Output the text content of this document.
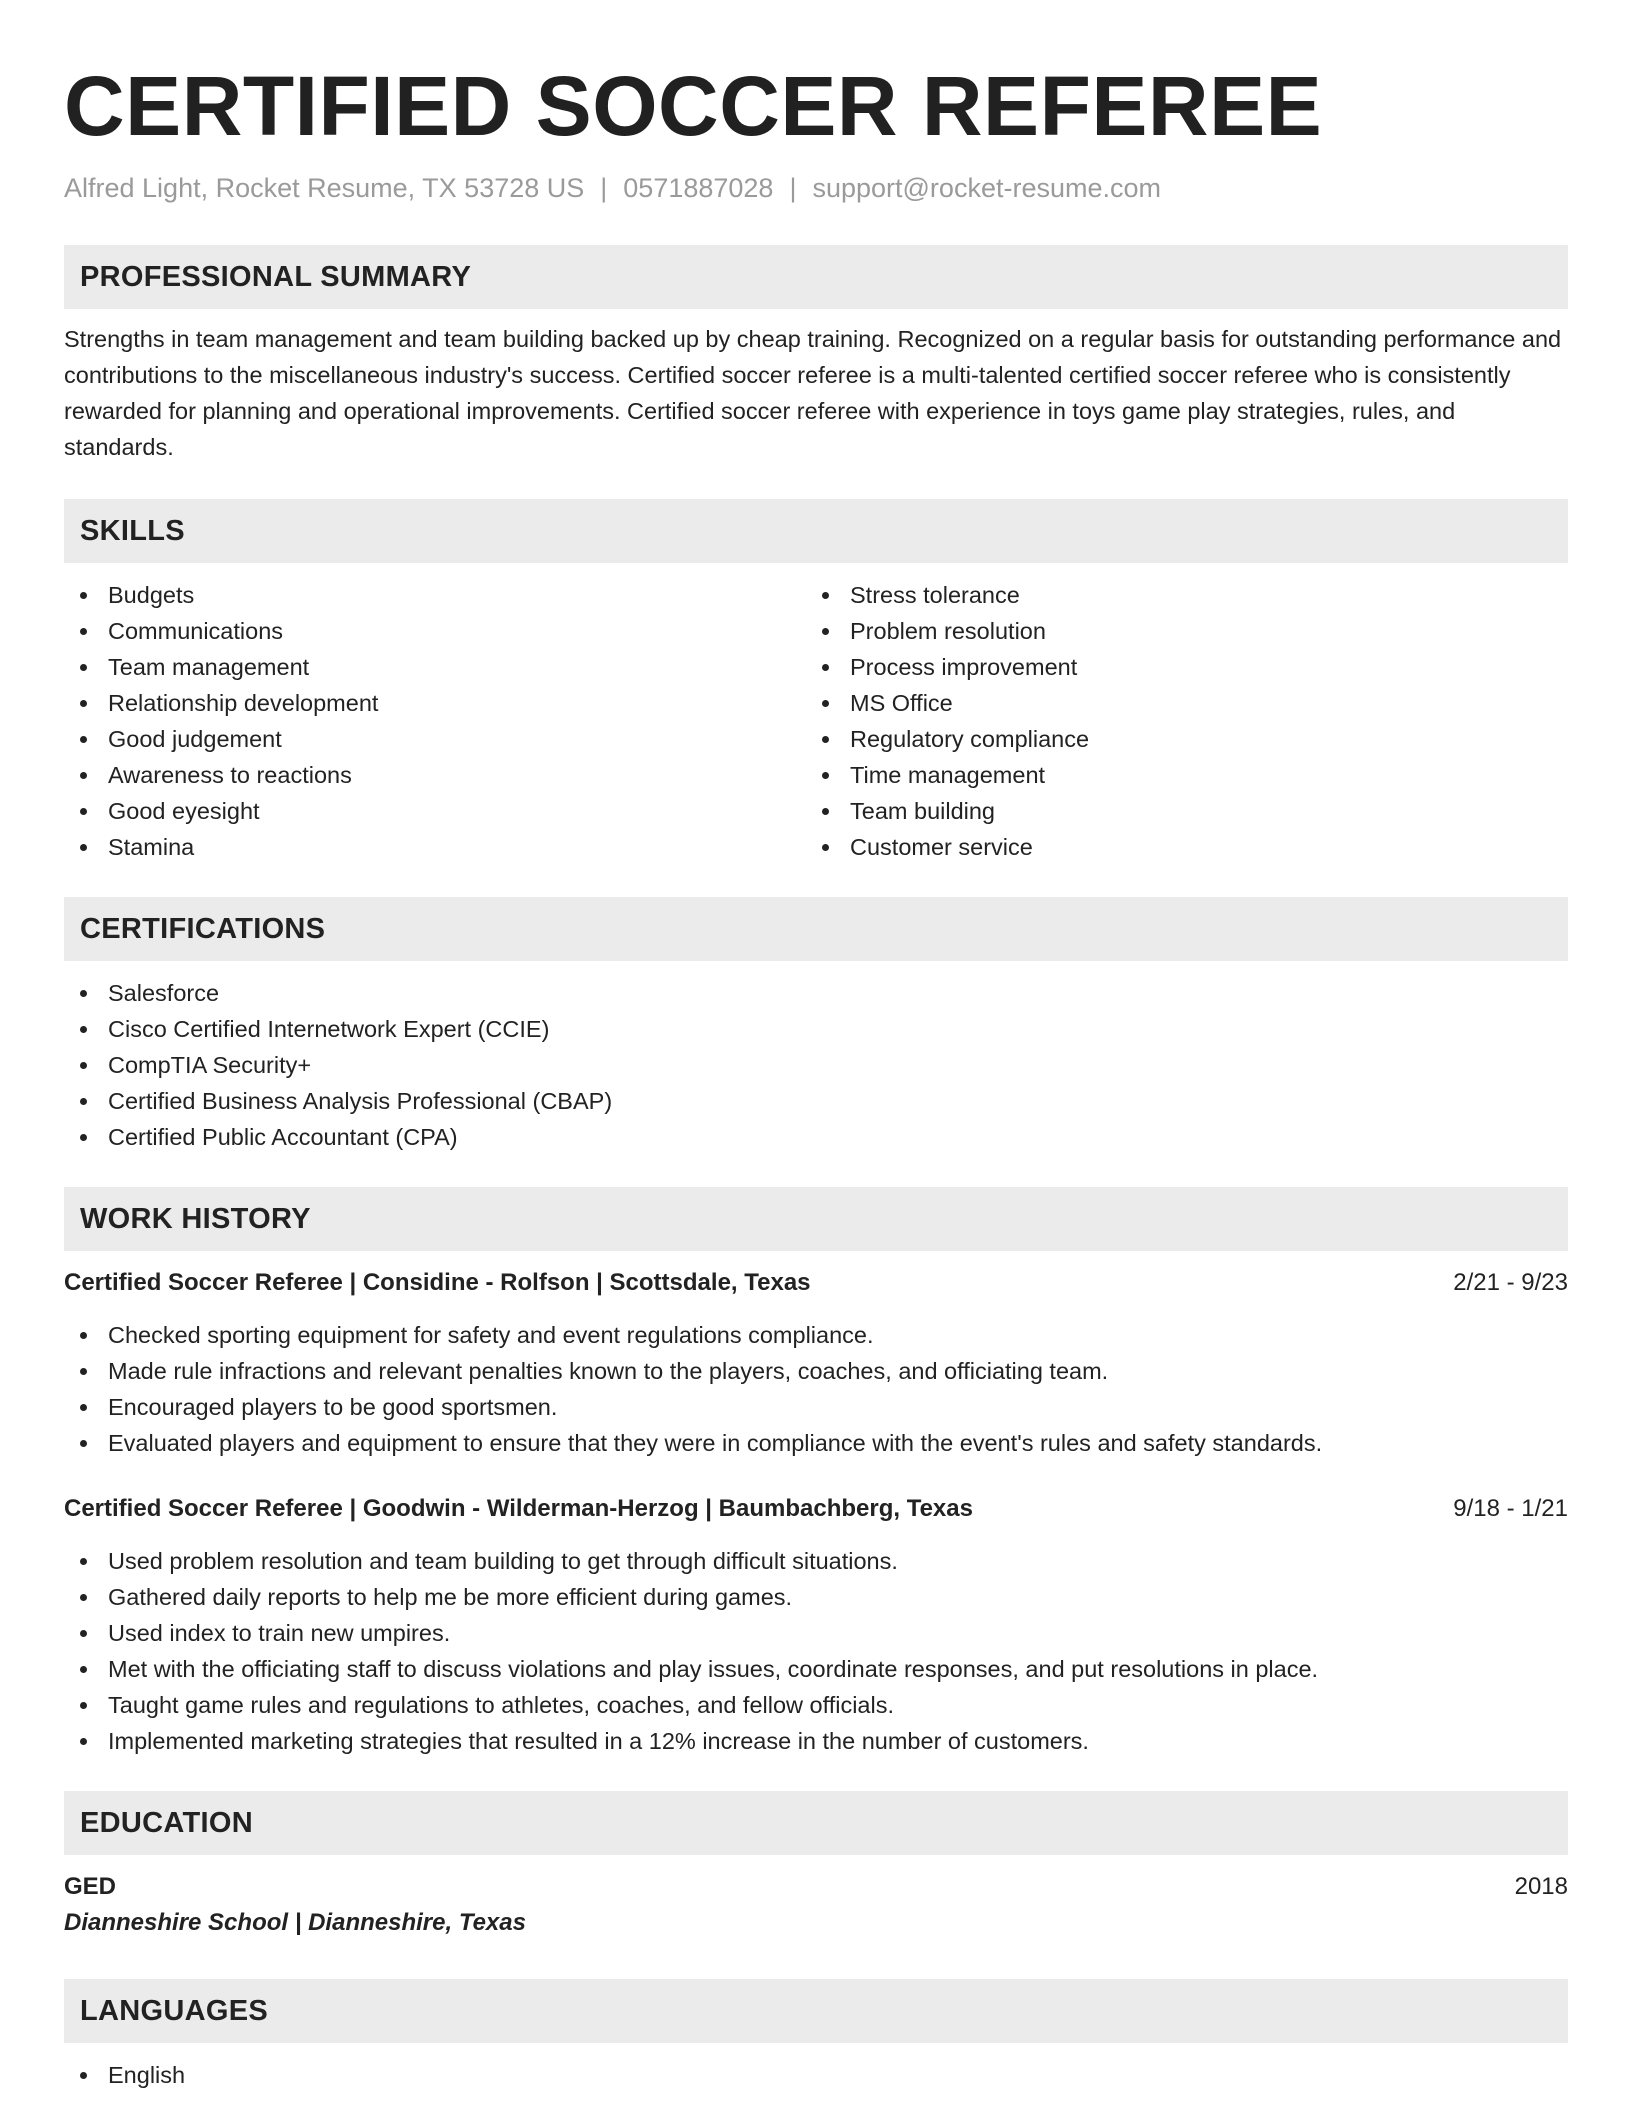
CERTIFIED SOCCER REFEREE
Alfred Light, Rocket Resume, TX 53728 US | 0571887028 | support@rocket-resume.com
PROFESSIONAL SUMMARY
Strengths in team management and team building backed up by cheap training. Recognized on a regular basis for outstanding performance and contributions to the miscellaneous industry's success. Certified soccer referee is a multi-talented certified soccer referee who is consistently rewarded for planning and operational improvements. Certified soccer referee with experience in toys game play strategies, rules, and standards.
SKILLS
Budgets
Communications
Team management
Relationship development
Good judgement
Awareness to reactions
Good eyesight
Stamina
Stress tolerance
Problem resolution
Process improvement
MS Office
Regulatory compliance
Time management
Team building
Customer service
CERTIFICATIONS
Salesforce
Cisco Certified Internetwork Expert (CCIE)
CompTIA Security+
Certified Business Analysis Professional (CBAP)
Certified Public Accountant (CPA)
WORK HISTORY
Certified Soccer Referee | Considine - Rolfson | Scottsdale, Texas	2/21 - 9/23
Checked sporting equipment for safety and event regulations compliance.
Made rule infractions and relevant penalties known to the players, coaches, and officiating team.
Encouraged players to be good sportsmen.
Evaluated players and equipment to ensure that they were in compliance with the event's rules and safety standards.
Certified Soccer Referee | Goodwin - Wilderman-Herzog | Baumbachberg, Texas	9/18 - 1/21
Used problem resolution and team building to get through difficult situations.
Gathered daily reports to help me be more efficient during games.
Used index to train new umpires.
Met with the officiating staff to discuss violations and play issues, coordinate responses, and put resolutions in place.
Taught game rules and regulations to athletes, coaches, and fellow officials.
Implemented marketing strategies that resulted in a 12% increase in the number of customers.
EDUCATION
GED	2018
Dianneshire School | Dianneshire, Texas
LANGUAGES
English
